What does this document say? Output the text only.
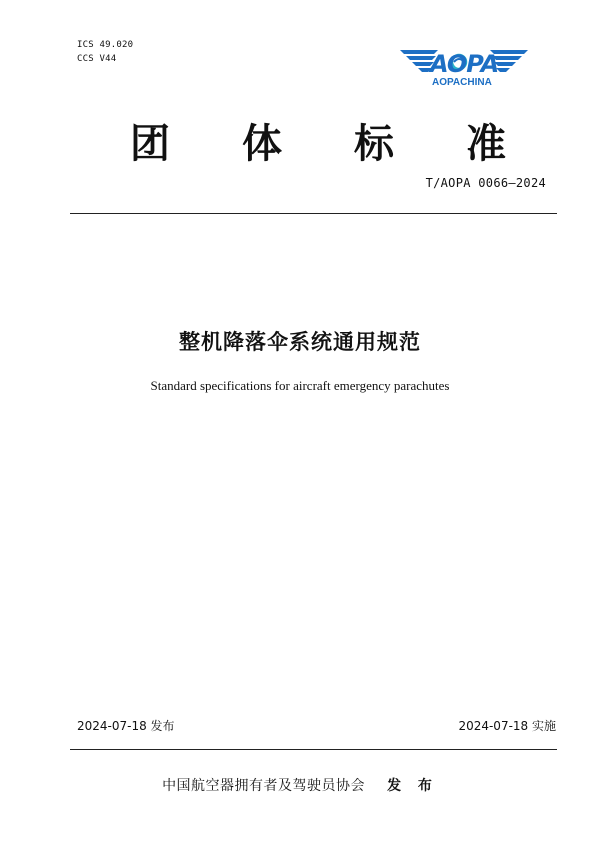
ICS 49.020
CCS V44	AOPA
AOPACHINA
团	体	标	准
T/AOPA 0066—2024
整机降落伞系统通用规范
Standard specifications for aircraft emergency parachutes
2024-07-18 发布	2024-07-18 实施
中国航空器拥有者及驾驶员协会 发 布
